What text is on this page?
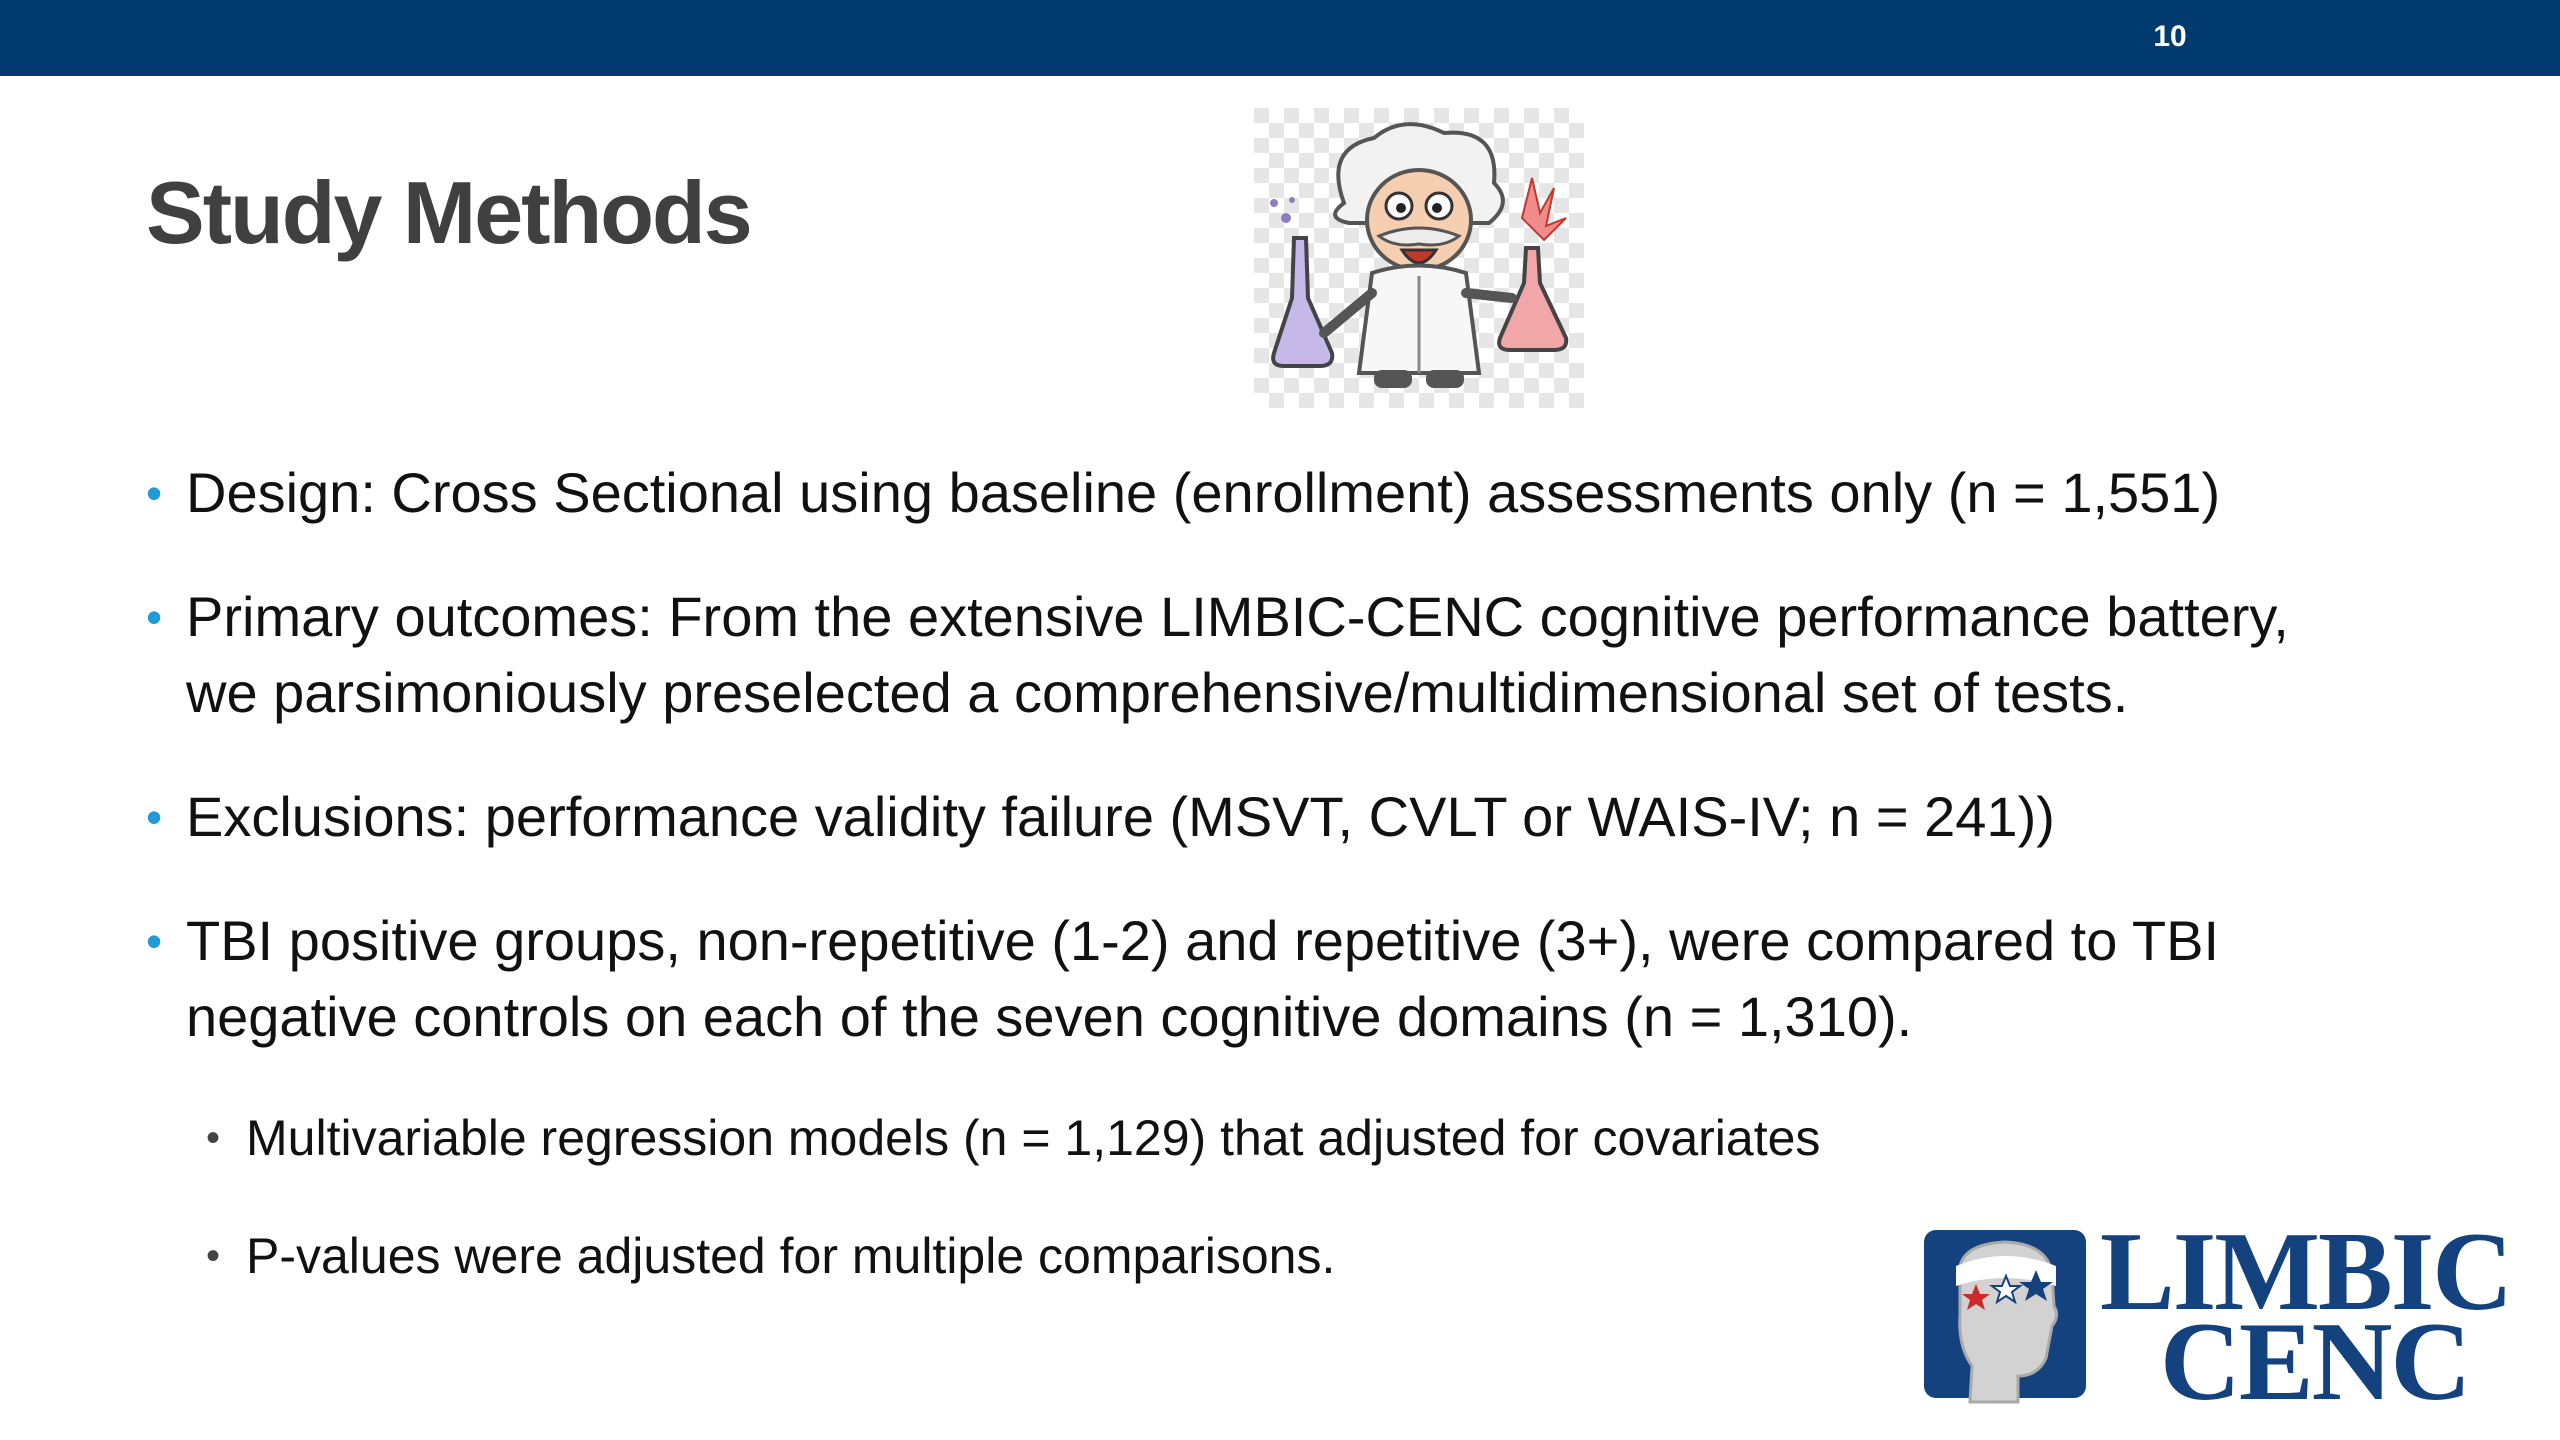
10
Study Methods
• Design: Cross Sectional using baseline (enrollment) assessments only (n = 1,551)
• Primary outcomes: From the extensive LIMBIC-CENC cognitive performance battery,
we parsimoniously preselected a comprehensive/multidimensional set of tests.
• Exclusions: performance validity failure (MSVT, CVLT or WAIS-IV; n = 241))
• TBI positive groups, non-repetitive (1-2) and repetitive (3+), were compared to TBI
negative controls on each of the seven cognitive domains (n = 1,310).
• Multivariable regression models (n = 1,129) that adjusted for covariates
• P-values were adjusted for multiple comparisons.	LIMBIC
CENC
